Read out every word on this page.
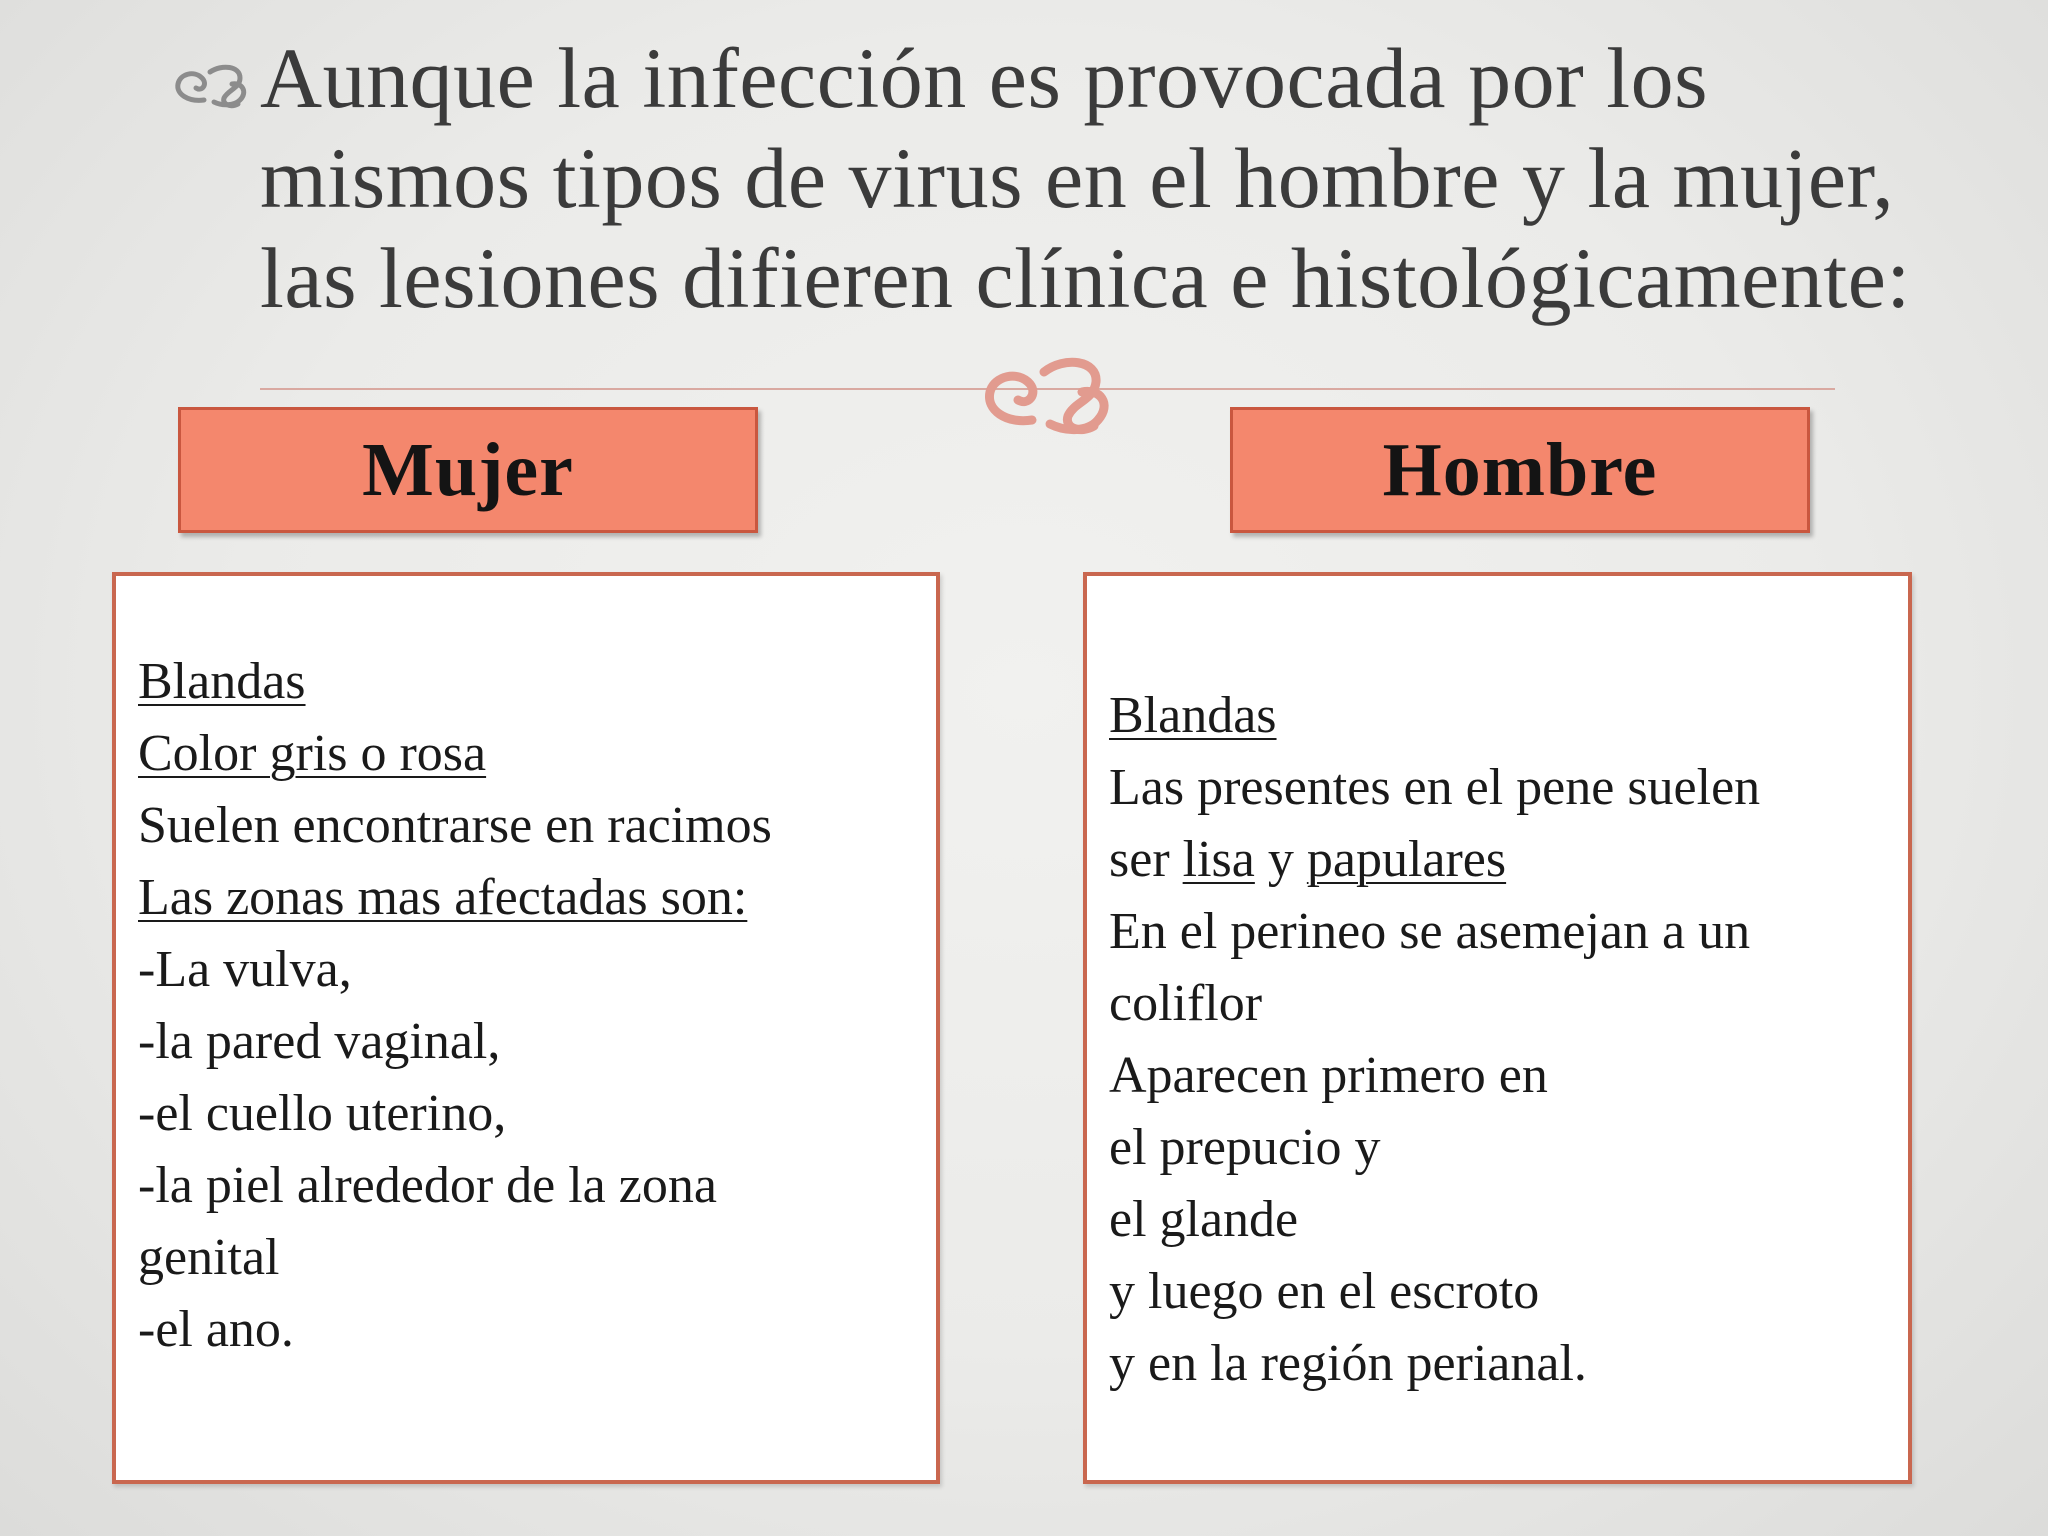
Aunque la infección es provocada por los
mismos tipos de virus en el hombre y la mujer,
las lesiones difieren clínica e histológicamente:
Mujer	Hombre
Blandas
Color gris o rosa
Suelen encontrarse en racimos
Las zonas mas afectadas son:
-La vulva,
-la pared vaginal,
-el cuello uterino,
-la piel alrededor de la zona
genital
-el ano.
Blandas
Las presentes en el pene suelen
ser lisa y papulares
En el perineo se asemejan a un
coliflor
Aparecen primero en
el prepucio y
el glande
y luego en el escroto
y en la región perianal.
